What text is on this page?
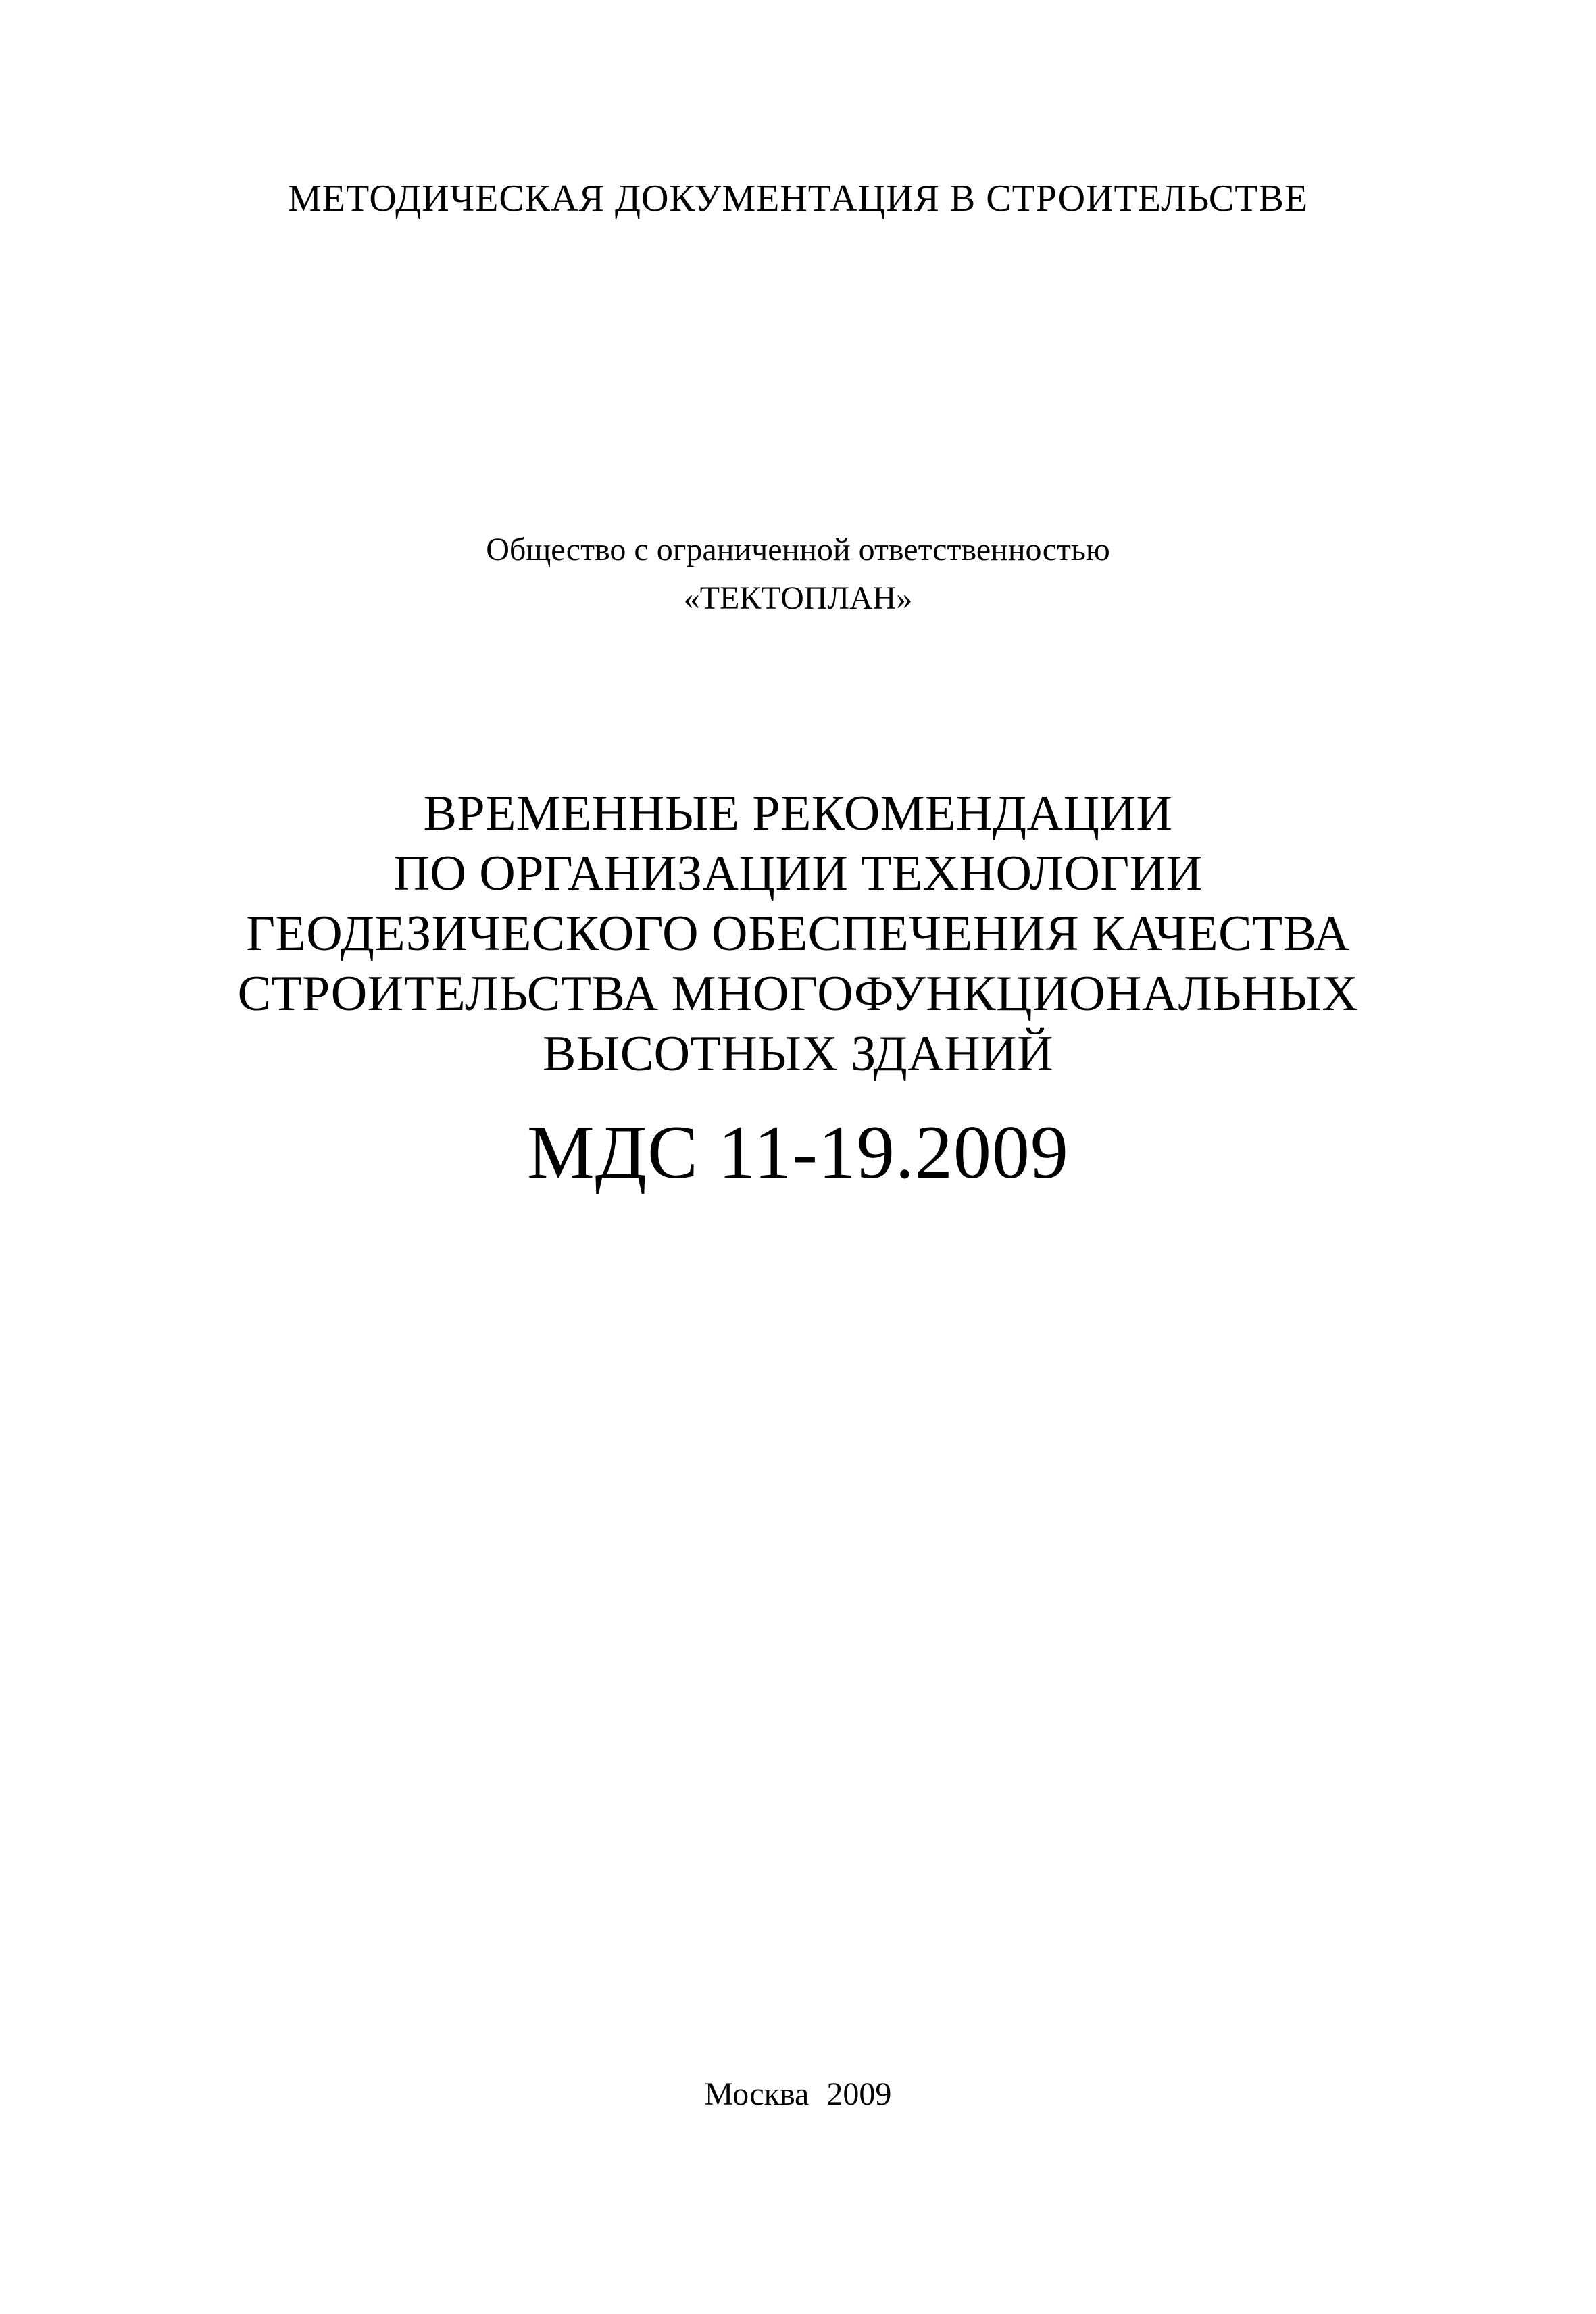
МЕТОДИЧЕСКАЯ ДОКУМЕНТАЦИЯ В СТРОИТЕЛЬСТВЕ

Общество с ограниченной ответственностью
«ТЕКТОПЛАН»
ВРЕМЕННЫЕ РЕКОМЕНДАЦИИ
ПО ОРГАНИЗАЦИИ ТЕХНОЛОГИИ
ГЕОДЕЗИЧЕСКОГО ОБЕСПЕЧЕНИЯ КАЧЕСТВА
СТРОИТЕЛЬСТВА МНОГОФУНКЦИОНАЛЬНЫХ
ВЫСОТНЫХ ЗДАНИЙ

МДС 11-19.2009

Москва 2009
